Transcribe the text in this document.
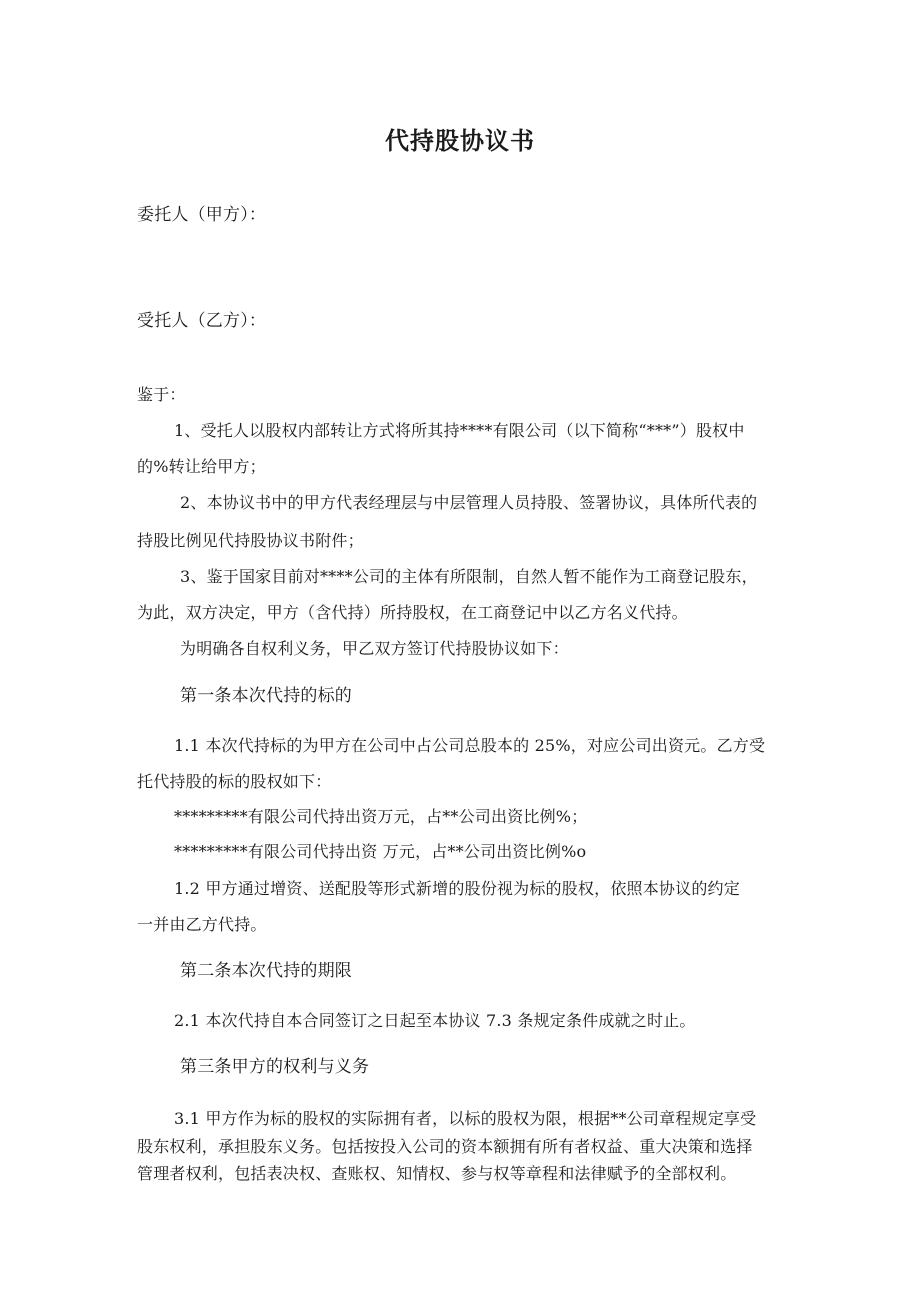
代持股协议书
委托人（甲方）：
受托人（乙方）：
鉴于：
1、受托人以股权内部转让方式将所其持****有限公司（以下简称“***”）股权中
的%转让给甲方；
2、本协议书中的甲方代表经理层与中层管理人员持股、签署协议，具体所代表的
持股比例见代持股协议书附件；
3、鉴于国家目前对****公司的主体有所限制，自然人暂不能作为工商登记股东，
为此，双方决定，甲方（含代持）所持股权，在工商登记中以乙方名义代持。
为明确各自权利义务，甲乙双方签订代持股协议如下：
第一条本次代持的标的
1.1 本次代持标的为甲方在公司中占公司总股本的 25%，对应公司出资元。乙方受
托代持股的标的股权如下：
*********有限公司代持出资万元，占**公司出资比例%；
*********有限公司代持出资 万元，占**公司出资比例%o
1.2 甲方通过增资、送配股等形式新增的股份视为标的股权，依照本协议的约定
一并由乙方代持。
第二条本次代持的期限
2.1 本次代持自本合同签订之日起至本协议 7.3 条规定条件成就之时止。
第三条甲方的权利与义务
3.1 甲方作为标的股权的实际拥有者，以标的股权为限，根据**公司章程规定享受
股东权利，承担股东义务。包括按投入公司的资本额拥有所有者权益、重大决策和选择
管理者权利，包括表决权、查账权、知情权、参与权等章程和法律赋予的全部权利。
